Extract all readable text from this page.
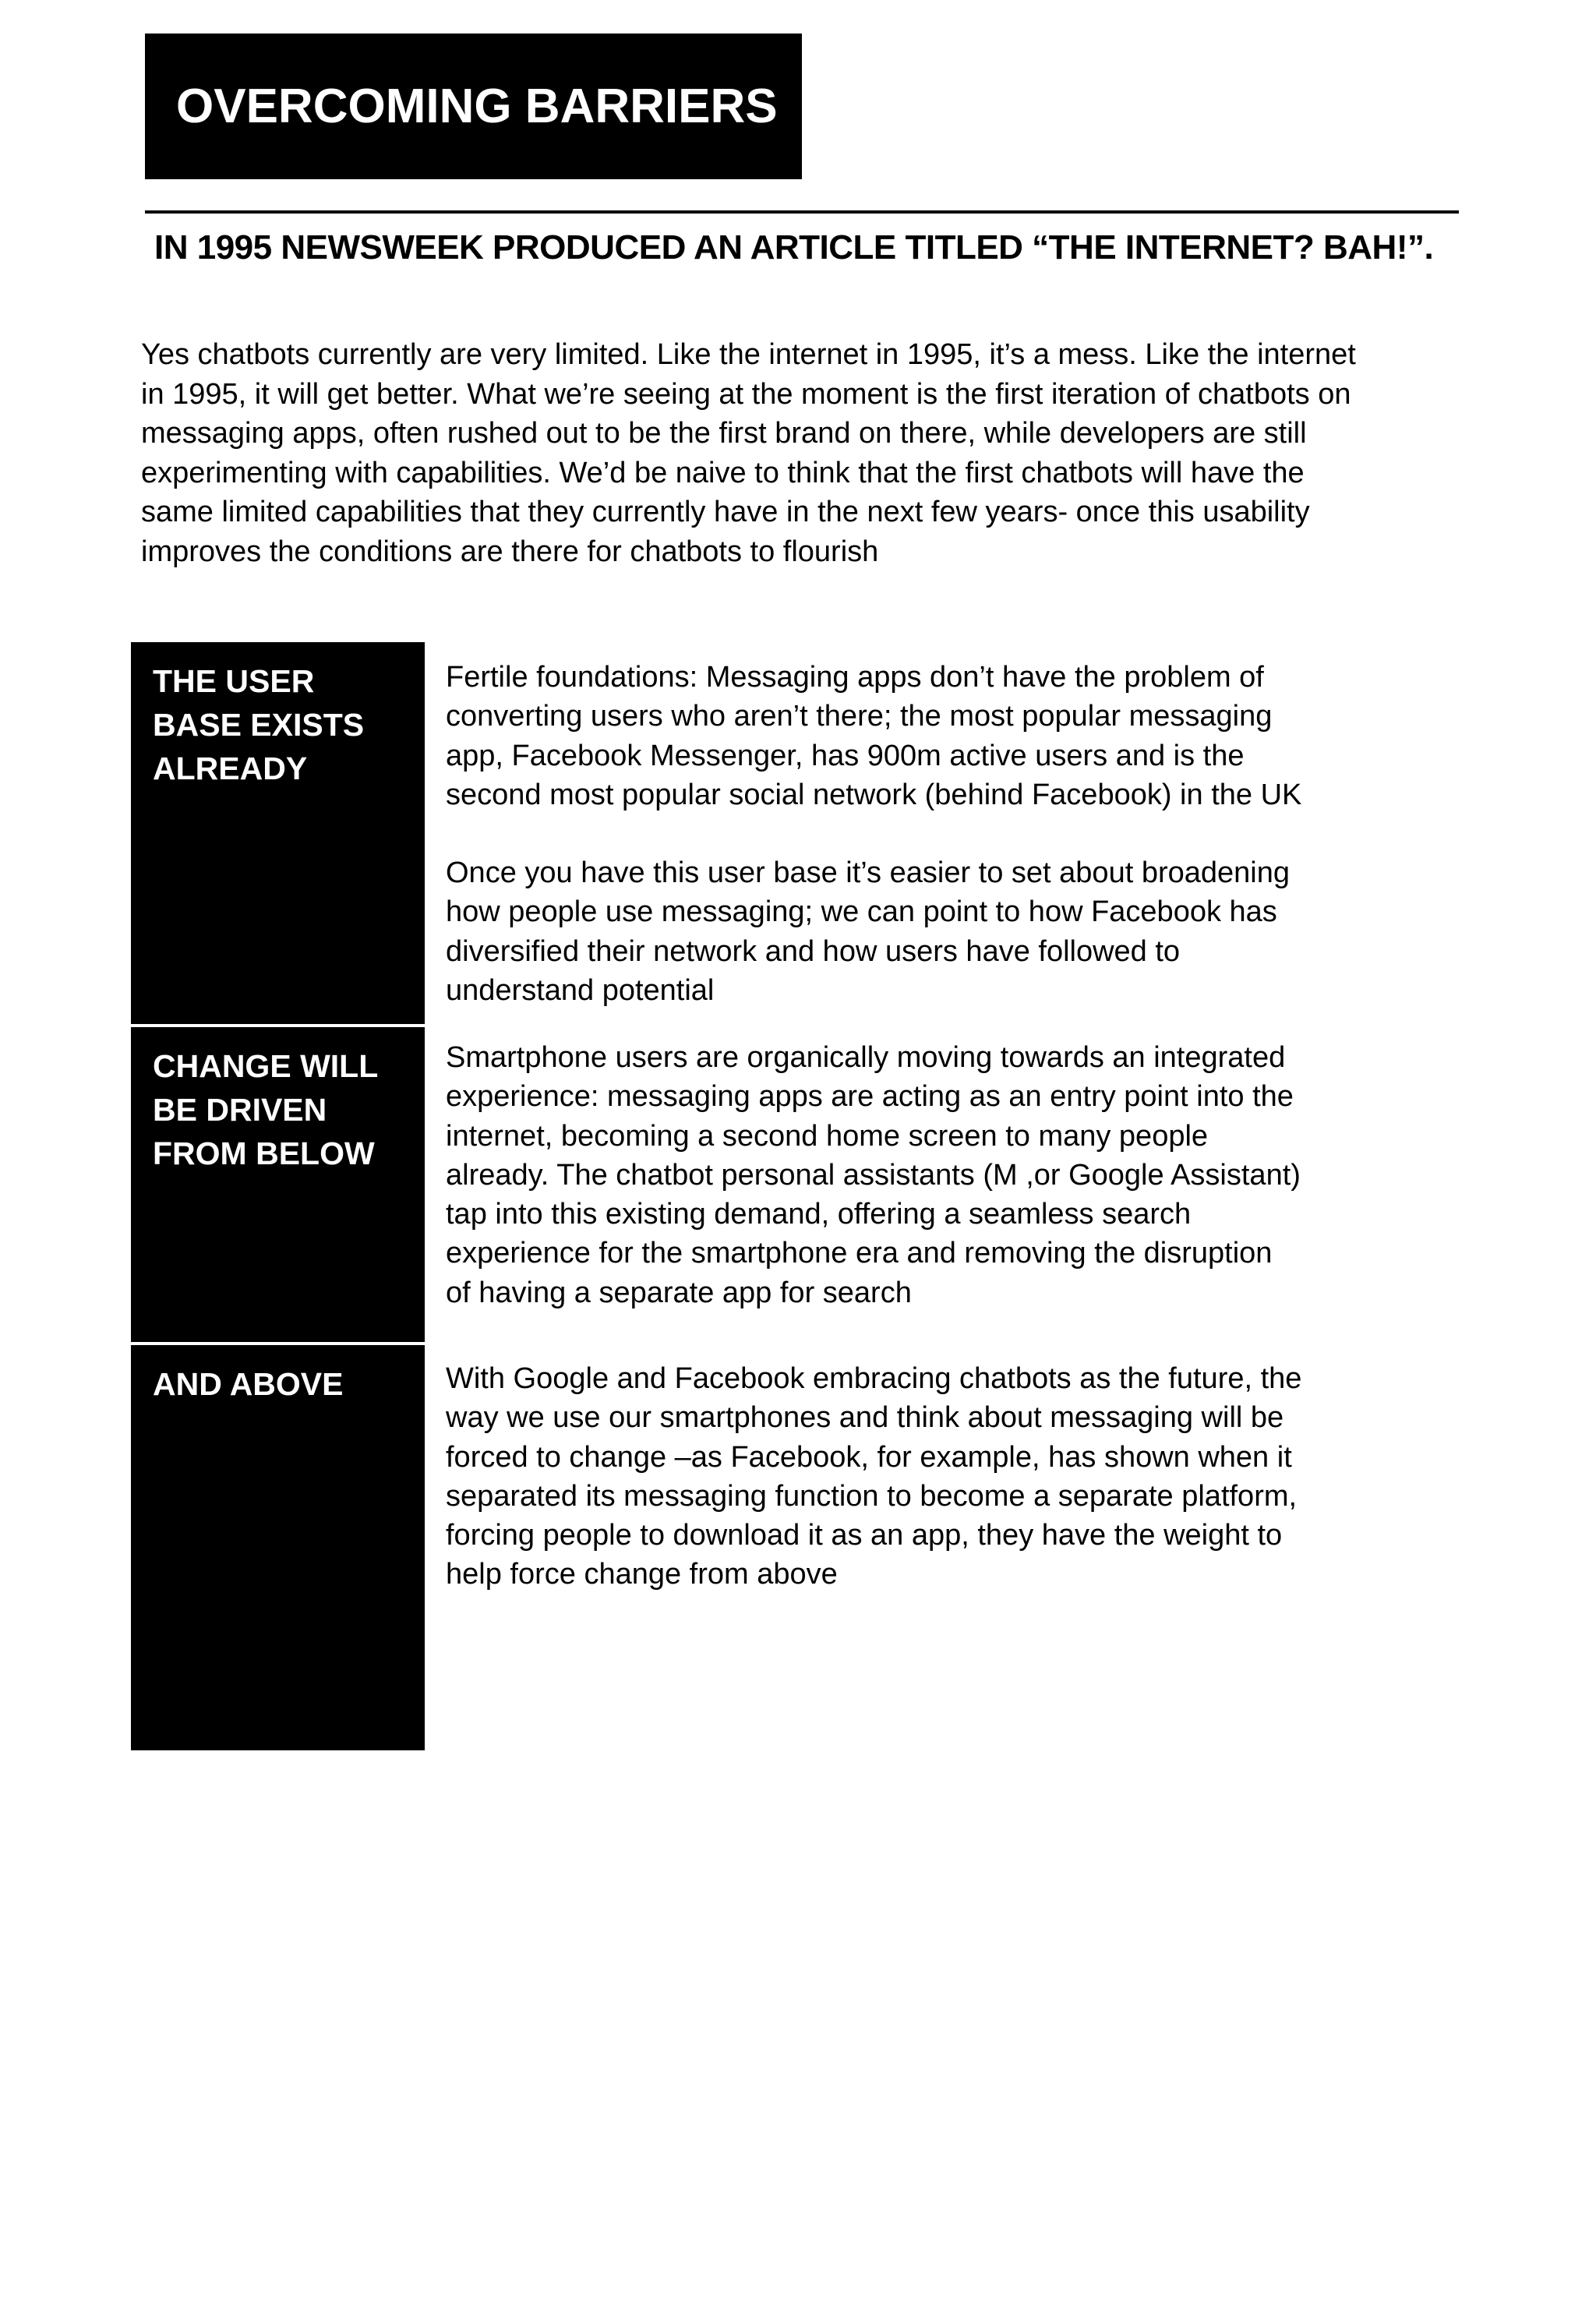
OVERCOMING BARRIERS
IN 1995 NEWSWEEK PRODUCED AN ARTICLE TITLED “THE INTERNET? BAH!”.
Yes chatbots currently are very limited. Like the internet in 1995, it’s a mess. Like the internet
in 1995, it will get better. What we’re seeing at the moment is the first iteration of chatbots on
messaging apps, often rushed out to be the first brand on there, while developers are still
experimenting with capabilities. We’d be naive to think that the first chatbots will have the
same limited capabilities that they currently have in the next few years- once this usability
improves the conditions are there for chatbots to flourish
THE USER
BASE EXISTS
ALREADY
Fertile foundations: Messaging apps don’t have the problem of
converting users who aren’t there; the most popular messaging
app, Facebook Messenger, has 900m active users and is the
second most popular social network (behind Facebook) in the UK
Once you have this user base it’s easier to set about broadening
how people use messaging; we can point to how Facebook has
diversified their network and how users have followed to
understand potential
CHANGE WILL
BE DRIVEN
FROM BELOW
Smartphone users are organically moving towards an integrated
experience: messaging apps are acting as an entry point into the
internet, becoming a second home screen to many people
already. The chatbot personal assistants (M ,or Google Assistant)
tap into this existing demand, offering a seamless search
experience for the smartphone era and removing the disruption
of having a separate app for search
AND ABOVE	With Google and Facebook embracing chatbots as the future, the
way we use our smartphones and think about messaging will be
forced to change –as Facebook, for example, has shown when it
separated its messaging function to become a separate platform,
forcing people to download it as an app, they have the weight to
help force change from above
